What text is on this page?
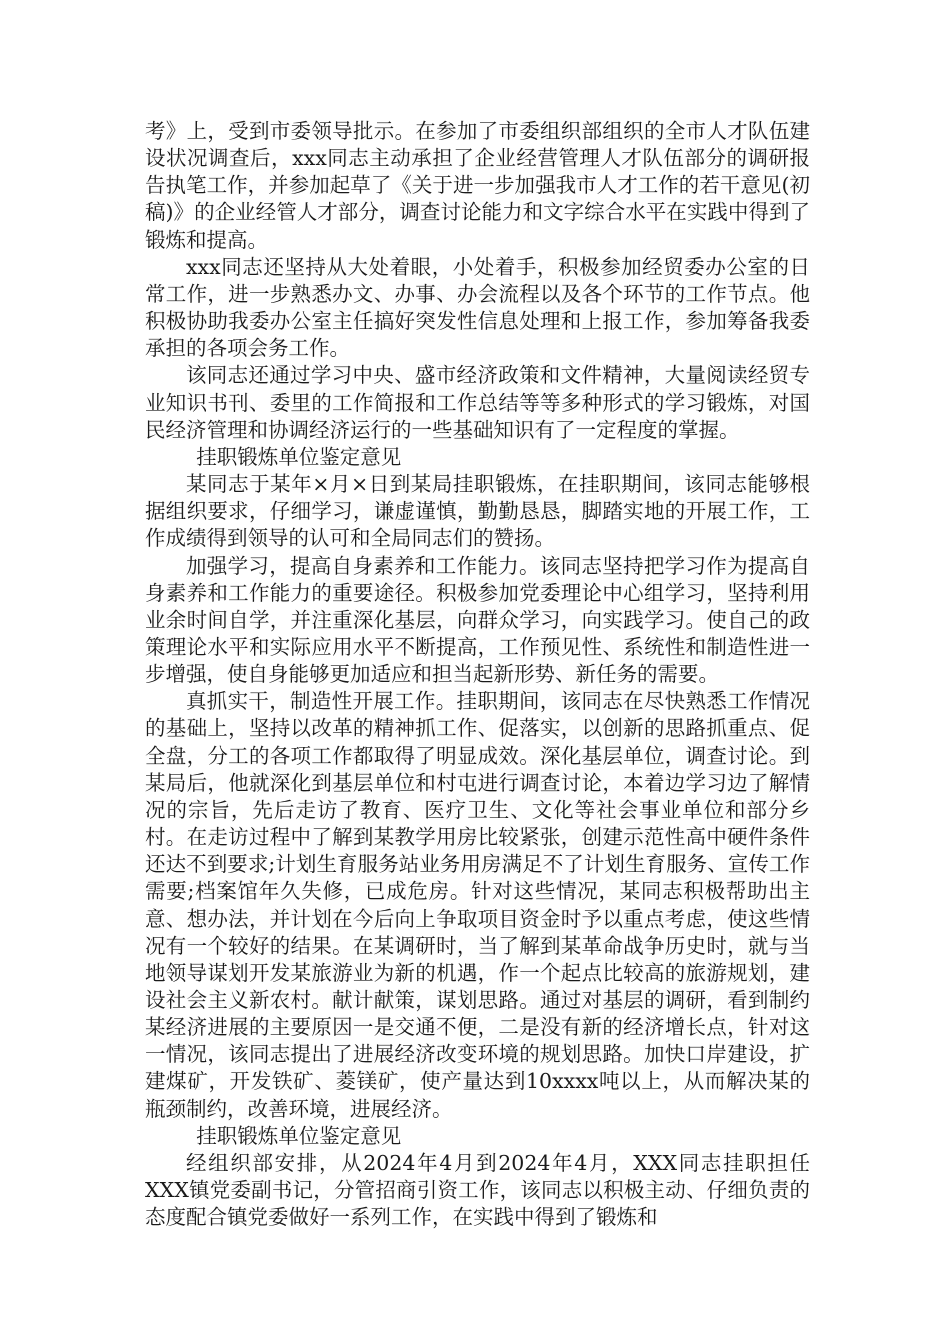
考》上，受到市委领导批示。在参加了市委组织部组织的全市人才队伍建设状况调查后，xxx同志主动承担了企业经营管理人才队伍部分的调研报告执笔工作，并参加起草了《关于进一步加强我市人才工作的若干意见(初稿)》的企业经管人才部分，调查讨论能力和文字综合水平在实践中得到了锻炼和提高。

xxx同志还坚持从大处着眼，小处着手，积极参加经贸委办公室的日常工作，进一步熟悉办文、办事、办会流程以及各个环节的工作节点。他积极协助我委办公室主任搞好突发性信息处理和上报工作，参加筹备我委承担的各项会务工作。

该同志还通过学习中央、盛市经济政策和文件精神，大量阅读经贸专业知识书刊、委里的工作简报和工作总结等等多种形式的学习锻炼，对国民经济管理和协调经济运行的一些基础知识有了一定程度的掌握。

挂职锻炼单位鉴定意见

某同志于某年×月×日到某局挂职锻炼，在挂职期间，该同志能够根据组织要求，仔细学习，谦虚谨慎，勤勤恳恳，脚踏实地的开展工作，工作成绩得到领导的认可和全局同志们的赞扬。

加强学习，提高自身素养和工作能力。该同志坚持把学习作为提高自身素养和工作能力的重要途径。积极参加党委理论中心组学习，坚持利用业余时间自学，并注重深化基层，向群众学习，向实践学习。使自己的政策理论水平和实际应用水平不断提高，工作预见性、系统性和制造性进一步增强，使自身能够更加适应和担当起新形势、新任务的需要。

真抓实干，制造性开展工作。挂职期间，该同志在尽快熟悉工作情况的基础上，坚持以改革的精神抓工作、促落实，以创新的思路抓重点、促全盘，分工的各项工作都取得了明显成效。深化基层单位，调查讨论。到某局后，他就深化到基层单位和村屯进行调查讨论，本着边学习边了解情况的宗旨，先后走访了教育、医疗卫生、文化等社会事业单位和部分乡村。在走访过程中了解到某教学用房比较紧张，创建示范性高中硬件条件还达不到要求;计划生育服务站业务用房满足不了计划生育服务、宣传工作需要;档案馆年久失修，已成危房。针对这些情况，某同志积极帮助出主意、想办法，并计划在今后向上争取项目资金时予以重点考虑，使这些情况有一个较好的结果。在某调研时，当了解到某革命战争历史时，就与当地领导谋划开发某旅游业为新的机遇，作一个起点比较高的旅游规划，建设社会主义新农村。献计献策，谋划思路。通过对基层的调研，看到制约某经济进展的主要原因一是交通不便，二是没有新的经济增长点，针对这一情况，该同志提出了进展经济改变环境的规划思路。加快口岸建设，扩建煤矿，开发铁矿、菱镁矿，使产量达到10xxxx吨以上，从而解决某的瓶颈制约，改善环境，进展经济。

挂职锻炼单位鉴定意见

经组织部安排，从2024年4月到2024年4月，XXX同志挂职担任XXX镇党委副书记，分管招商引资工作，该同志以积极主动、仔细负责的态度配合镇党委做好一系列工作，在实践中得到了锻炼和
